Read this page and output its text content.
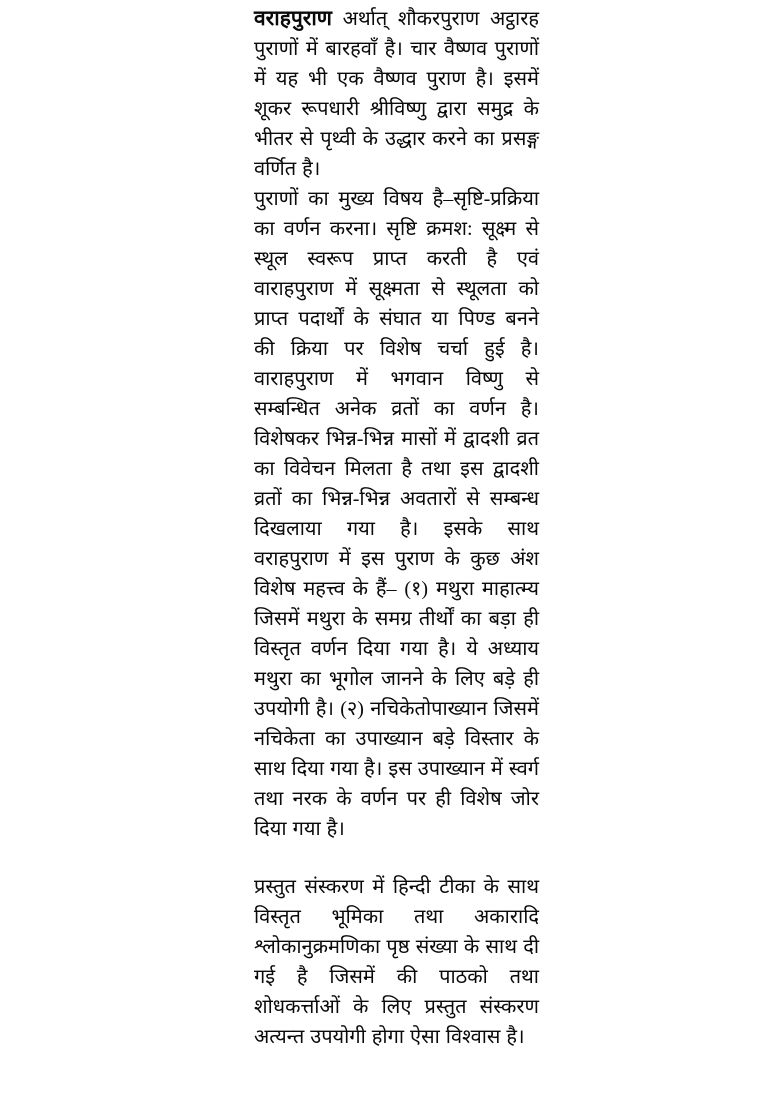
वराहपुराण अर्थात् शौकरपुराण अट्ठारह पुराणों में बारहवाँ है। चार वैष्णव पुराणों में यह भी एक वैष्णव पुराण है। इसमें शूकर रूपधारी श्रीविष्णु द्वारा समुद्र के भीतर से पृथ्वी के उद्धार करने का प्रसङ्ग वर्णित है।

पुराणों का मुख्य विषय है–सृष्टि-प्रक्रिया का वर्णन करना। सृष्टि क्रमश: सूक्ष्म से स्थूल स्वरूप प्राप्त करती है एवं वाराहपुराण में सूक्ष्मता से स्थूलता को प्राप्त पदार्थों के संघात या पिण्ड बनने की क्रिया पर विशेष चर्चा हुई है। वाराहपुराण में भगवान विष्णु से सम्बन्धित अनेक व्रतों का वर्णन है। विशेषकर भिन्न-भिन्न मासों में द्वादशी व्रत का विवेचन मिलता है तथा इस द्वादशी व्रतों का भिन्न-भिन्न अवतारों से सम्बन्ध दिखलाया गया है। इसके साथ वराहपुराण में इस पुराण के कुछ अंश विशेष महत्त्व के हैं– (१) मथुरा माहात्म्य जिसमें मथुरा के समग्र तीर्थों का बड़ा ही विस्तृत वर्णन दिया गया है। ये अध्याय मथुरा का भूगोल जानने के लिए बड़े ही उपयोगी है। (२) नचिकेतोपाख्यान जिसमें नचिकेता का उपाख्यान बड़े विस्तार के साथ दिया गया है। इस उपाख्यान में स्वर्ग तथा नरक के वर्णन पर ही विशेष जोर दिया गया है।

प्रस्तुत संस्करण में हिन्दी टीका के साथ विस्तृत भूमिका तथा अकारादि श्लोकानुक्रमणिका पृष्ठ संख्या के साथ दी गई है जिसमें की पाठको तथा शोधकर्त्ताओं के लिए प्रस्तुत संस्करण अत्यन्त उपयोगी होगा ऐसा विश्वास है।
